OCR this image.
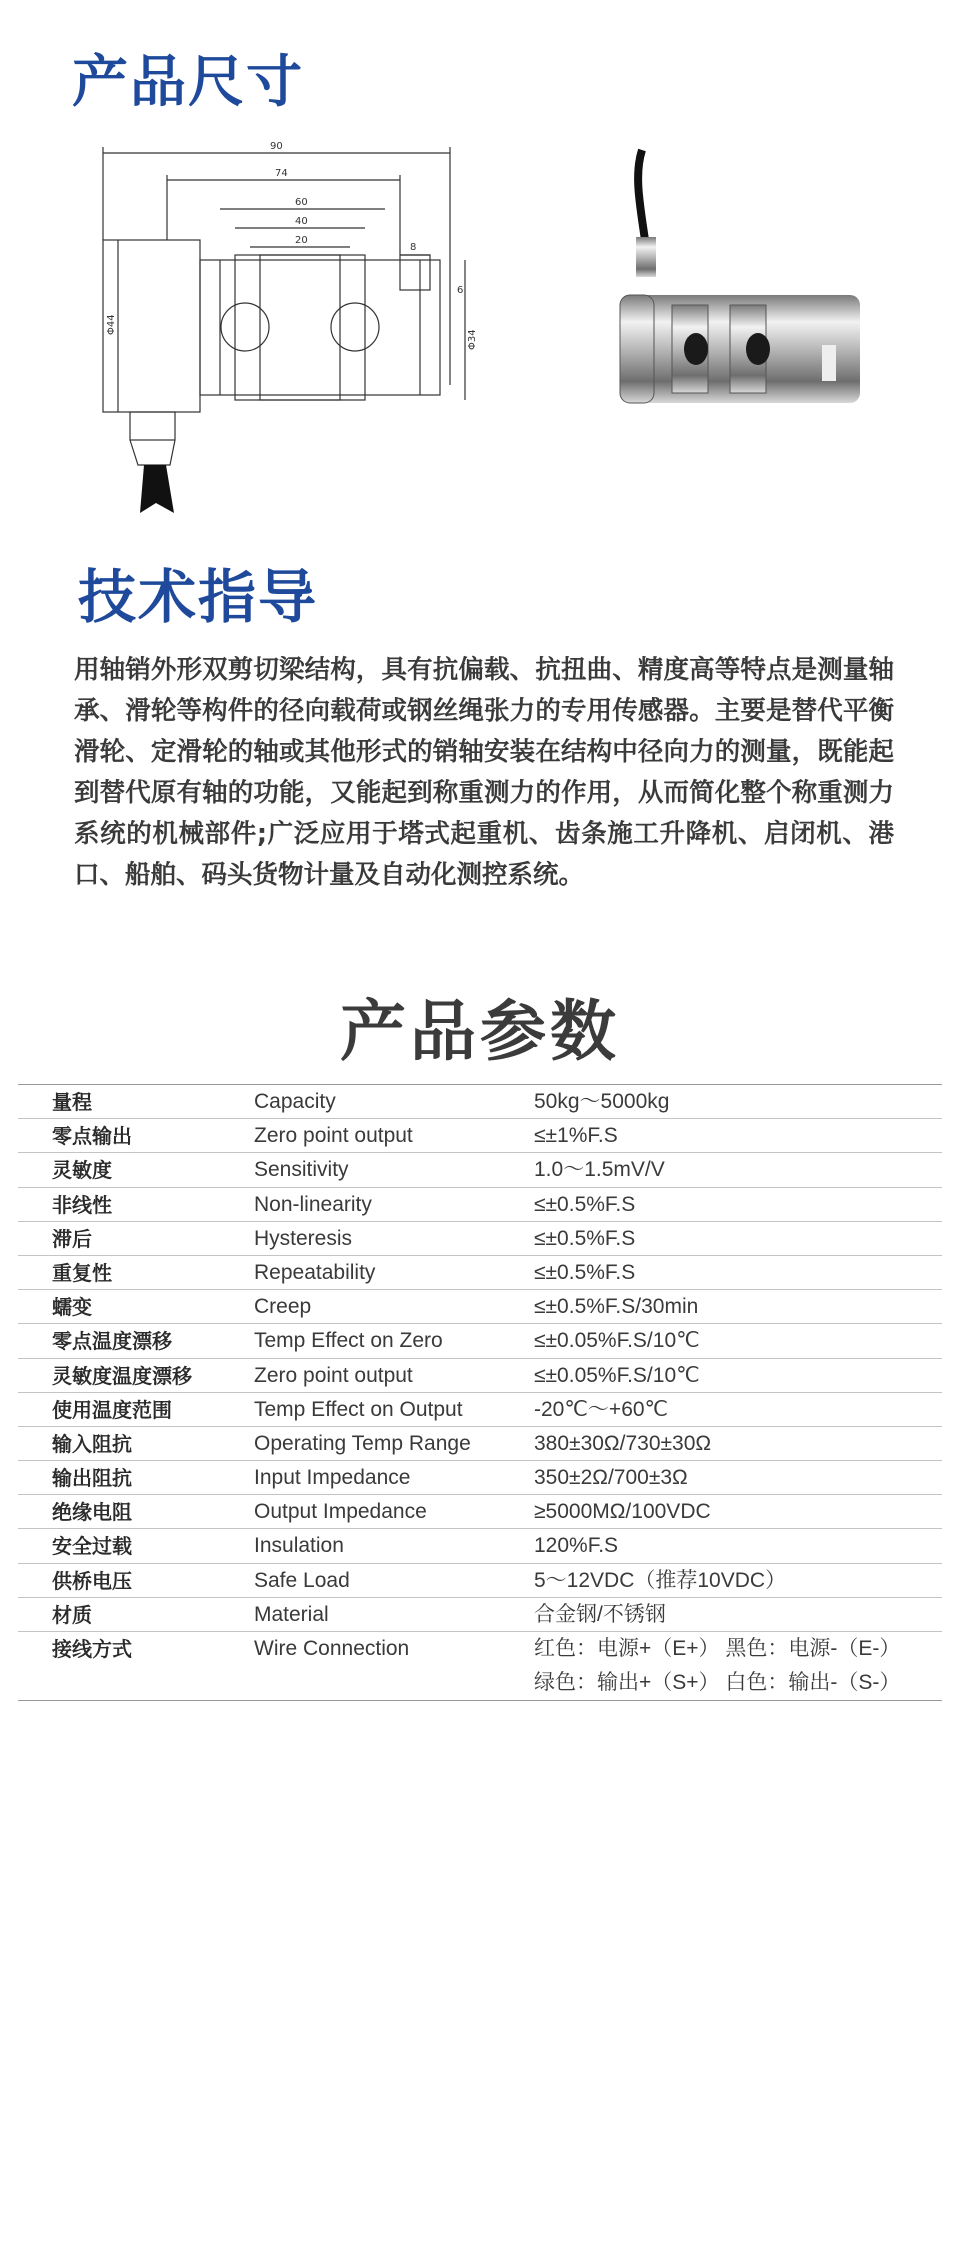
产品尺寸
90
74
60
40
20
8
6
Φ44
Φ34
技术指导

用轴销外形双剪切梁结构，具有抗偏载、抗扭曲、精度高等特点是测量轴承、滑轮等构件的径向载荷或钢丝绳张力的专用传感器。主要是替代平衡滑轮、定滑轮的轴或其他形式的销轴安装在结构中径向力的测量，既能起到替代原有轴的功能，又能起到称重测力的作用，从而简化整个称重测力系统的机械部件;广泛应用于塔式起重机、齿条施工升降机、启闭机、港口、船舶、码头货物计量及自动化测控系统。

产品参数
量程	Capacity	50kg～5000kg
零点输出	Zero point output	≤±1%F.S
灵敏度	Sensitivity	1.0～1.5mV/V
非线性	Non-linearity	≤±0.5%F.S
滞后	Hysteresis	≤±0.5%F.S
重复性	Repeatability	≤±0.5%F.S
蠕变	Creep	≤±0.5%F.S/30min
零点温度漂移	Temp Effect on Zero	≤±0.05%F.S/10℃
灵敏度温度漂移	Zero point output	≤±0.05%F.S/10℃
使用温度范围	Temp Effect on Output	-20℃～+60℃
输入阻抗	Operating Temp Range	380±30Ω/730±30Ω
输出阻抗	Input Impedance	350±2Ω/700±3Ω
绝缘电阻	Output Impedance	≥5000MΩ/100VDC
安全过载	Insulation	120%F.S
供桥电压	Safe Load	5～12VDC（推荐10VDC）
材质	Material	合金钢/不锈钢
接线方式	Wire Connection	红色：电源+（E+） 黑色：电源-（E-）
绿色：输出+（S+） 白色：输出-（S-）
